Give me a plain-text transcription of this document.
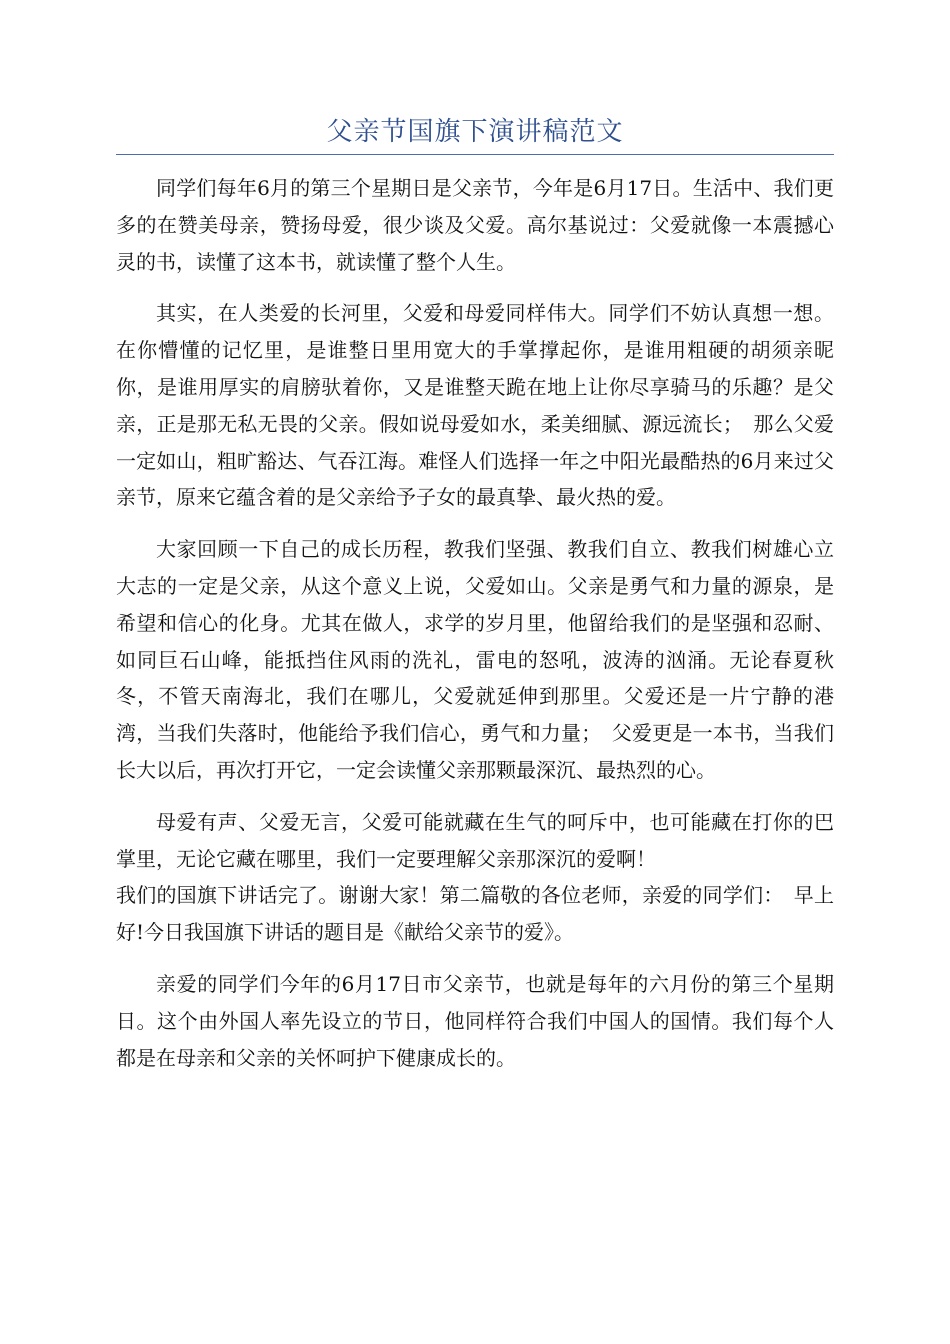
父亲节国旗下演讲稿范文

同学们每年6月的第三个星期日是父亲节，今年是6月17日。生活中、我们更多的在赞美母亲，赞扬母爱，很少谈及父爱。高尔基说过：父爱就像一本震撼心灵的书，读懂了这本书，就读懂了整个人生。

其实，在人类爱的长河里，父爱和母爱同样伟大。同学们不妨认真想一想。在你懵懂的记忆里，是谁整日里用宽大的手掌撑起你，是谁用粗硬的胡须亲昵你，是谁用厚实的肩膀驮着你，又是谁整天跪在地上让你尽享骑马的乐趣？是父亲，正是那无私无畏的父亲。假如说母爱如水，柔美细腻、源远流长；　那么父爱一定如山，粗旷豁达、气吞江海。难怪人们选择一年之中阳光最酷热的6月来过父亲节，原来它蕴含着的是父亲给予子女的最真挚、最火热的爱。

大家回顾一下自己的成长历程，教我们坚强、教我们自立、教我们树雄心立大志的一定是父亲，从这个意义上说，父爱如山。父亲是勇气和力量的源泉，是希望和信心的化身。尤其在做人，求学的岁月里，他留给我们的是坚强和忍耐、如同巨石山峰，能抵挡住风雨的洗礼，雷电的怒吼，波涛的汹涌。无论春夏秋冬，不管天南海北，我们在哪儿，父爱就延伸到那里。父爱还是一片宁静的港湾，当我们失落时，他能给予我们信心，勇气和力量；　父爱更是一本书，当我们长大以后，再次打开它，一定会读懂父亲那颗最深沉、最热烈的心。

母爱有声、父爱无言，父爱可能就藏在生气的呵斥中，也可能藏在打你的巴掌里，无论它藏在哪里，我们一定要理解父亲那深沉的爱啊！

我们的国旗下讲话完了。谢谢大家！第二篇敬的各位老师，亲爱的同学们：　早上好!今日我国旗下讲话的题目是《献给父亲节的爱》。

亲爱的同学们今年的6月17日市父亲节，也就是每年的六月份的第三个星期日。这个由外国人率先设立的节日，他同样符合我们中国人的国情。我们每个人都是在母亲和父亲的关怀呵护下健康成长的。
